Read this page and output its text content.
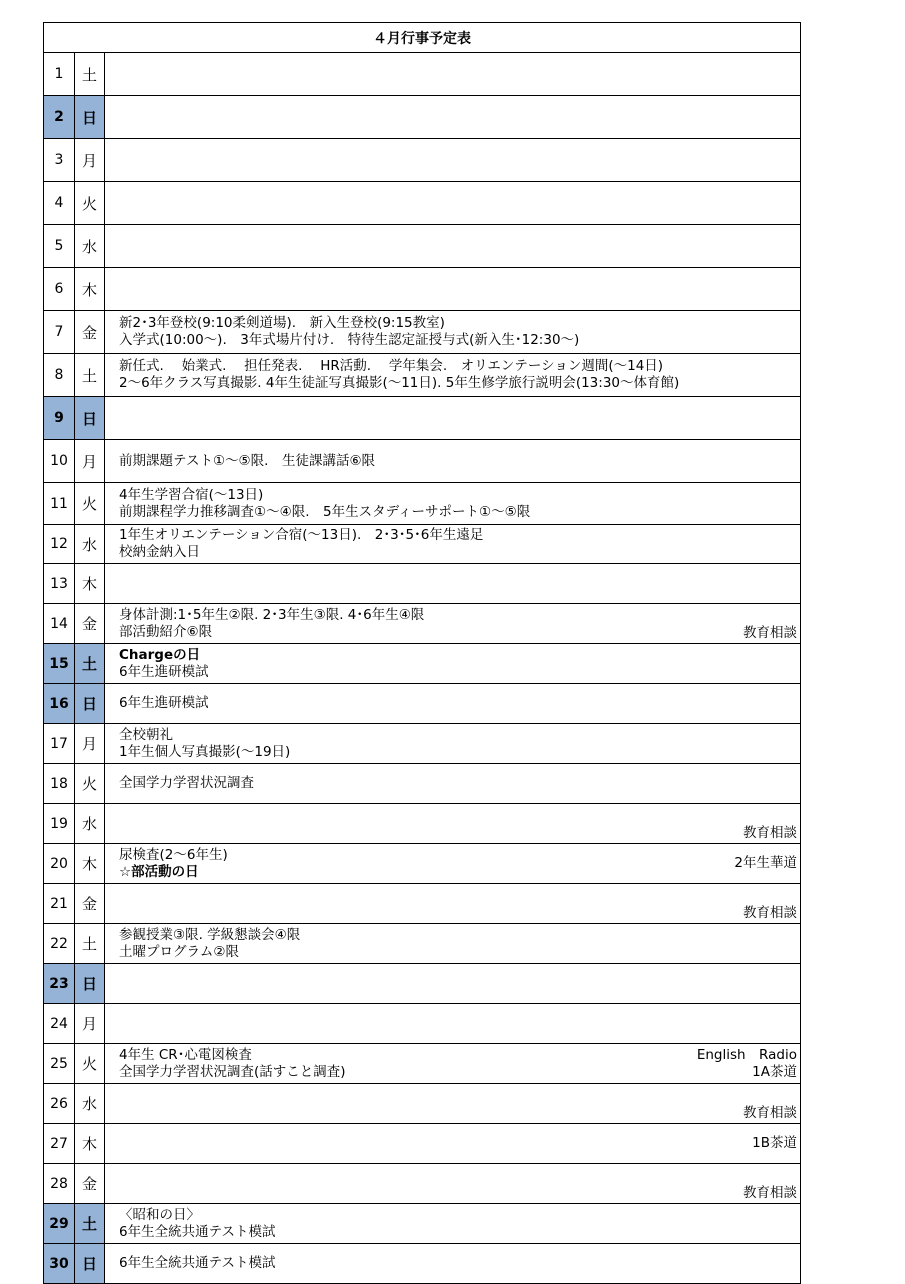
４月行事予定表		
1	土	

2	日	

3	月	

4	火	

5	水	

6	木	

7	金	新2･3年登校(9:10柔剣道場).　新入生登校(9:15教室)
入学式(10:00～).　3年式場片付け.　特待生認定証授与式(新入生･12:30～)

8	土	新任式.　 始業式.　 担任発表.　 HR活動.　 学年集会.　オリエンテーション週間(～14日)
2～6年クラス写真撮影. 4年生徒証写真撮影(～11日). 5年生修学旅行説明会(13:30～体育館)

9	日	

10	月	前期課題テスト①～⑤限.　生徒課講話⑥限

11	火	4年生学習合宿(～13日)
前期課程学力推移調査①～④限.　5年生スタディーサポート①～⑤限

12	水	1年生オリエンテーション合宿(～13日).　2･3･5･6年生遠足
校納金納入日

13	木	

14	金	身体計測:1･5年生②限. 2･3年生③限. 4･6年生④限
部活動紹介⑥限 教育相談

15	土	Chargeの日
6年生進研模試

16	日	6年生進研模試

17	月	全校朝礼
1年生個人写真撮影(～19日)

18	火	全国学力学習状況調査

19	水	教育相談

20	木	尿検査(2～6年生)
☆部活動の日
2年生華道

21	金	教育相談

22	土	参観授業③限. 学級懇談会④限
土曜プログラム②限

23	日	

24	月	

25	火	4年生 CR･心電図検査
全国学力学習状況調査(話すこと調査)
English　Radio
1A茶道

26	水	教育相談

27	木	1B茶道

28	金	教育相談

29	土	〈昭和の日〉
6年生全統共通テスト模試

30	日	6年生全統共通テスト模試
